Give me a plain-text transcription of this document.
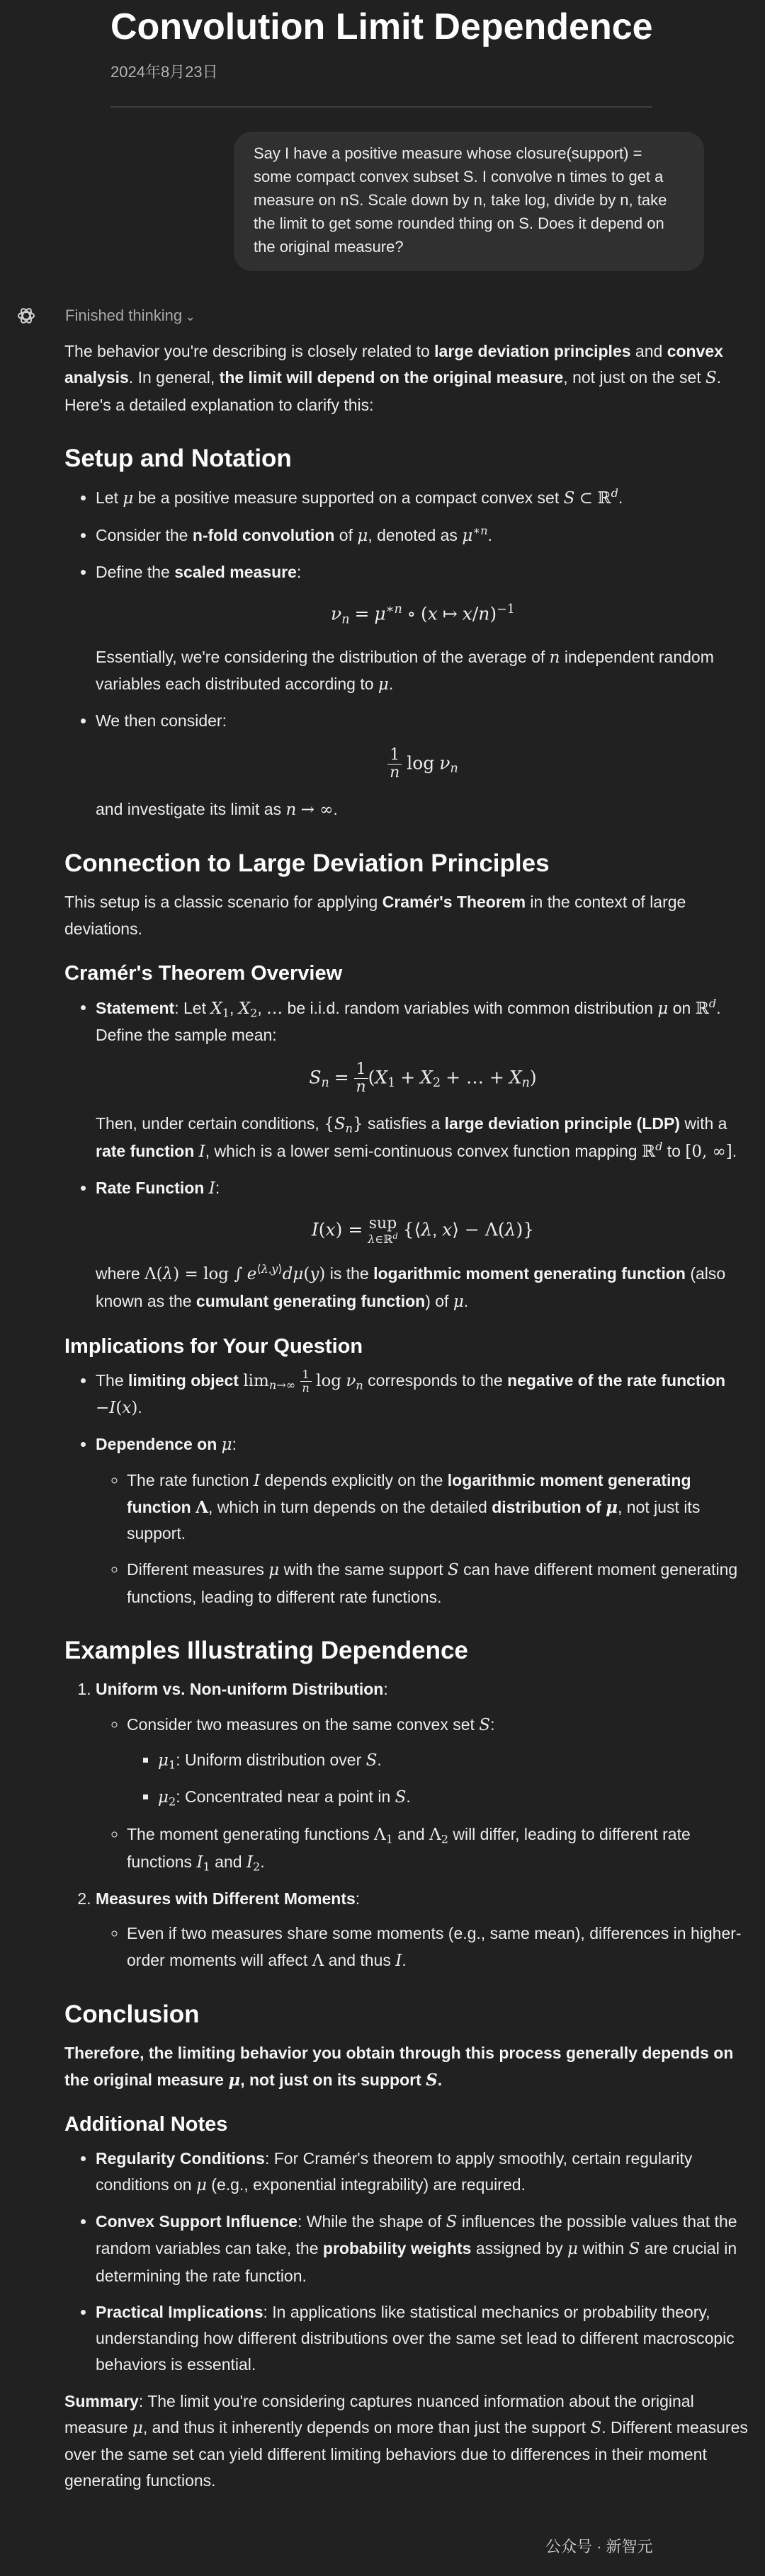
Convolution Limit Dependence
2024年8月23日
Say I have a positive measure whose closure(support) = some compact convex subset S. I convolve n times to get a measure on nS. Scale down by n, take log, divide by n, take the limit to get some rounded thing on S. Does it depend on the original measure?
Finished thinking ⌄

The behavior you're describing is closely related to large deviation principles and convex analysis. In general, the limit will depend on the original measure, not just on the set S. Here's a detailed explanation to clarify this:

Setup and Notation
• Let μ be a positive measure supported on a compact convex set S ⊂ ℝ$^d$.
• Consider the n-fold convolution of μ, denoted as $\mu^{∗n}$.
• Define the scaled measure:
$\nu_n = \mu^{∗n}$ ∘ (x ↦ x/n)$^{-1}$
Essentially, we're considering the distribution of the average of n independent random variables each distributed according to μ.
• We then consider:
$\frac{1}{n}$ $\log \nu_n$
and investigate its limit as n → ∞.
Connection to Large Deviation Principles

This setup is a classic scenario for applying Cramér's Theorem in the context of large deviations.

Cramér's Theorem Overview
• Statement: Let $X_1$, $X_2$, … be i.i.d. random variables with common distribution μ on ℝ$^d$. Define the sample mean:
$S_n = \frac{1}{n} (X_1 + X_2$ + … + $X_n$)
Then, under certain conditions, $\{S_n\}$ satisfies a large deviation principle (LDP) with a rate function I, which is a lower semi-continuous convex function mapping ℝ$^d$ to [0, ∞].
• Rate Function I:
I(x) = sup
λ∈ℝ$^d$ {⟨λ, x⟩ − Λ(λ)}
where Λ(λ) = log ∫ $e^{⟨\lambda,y⟩}d\mu(y)$ is the logarithmic moment generating function (also known as the cumulant generating function) of μ.
Implications for Your Question
• The limiting object $\lim_{n\to\infty} \frac{1}{n}$ $\log \nu_n$ corresponds to the negative of the rate function −I(x).
• Dependence on μ:
◦ The rate function I depends explicitly on the logarithmic moment generating function Λ, which in turn depends on the detailed distribution of μ, not just its support.
◦ Different measures μ with the same support S can have different moment generating functions, leading to different rate functions.
Examples Illustrating Dependence
1. Uniform vs. Non-uniform Distribution:
◦ Consider two measures on the same convex set S:
▪ $\mu_1$: Uniform distribution over S.
▪ $\mu_2$: Concentrated near a point in S.
◦ The moment generating functions $\Lambda_1$ and $\Lambda_2$ will differ, leading to different rate functions $I_1$ and $I_2$.
2. Measures with Different Moments:
◦ Even if two measures share some moments (e.g., same mean), differences in higher-order moments will affect Λ and thus I.
Conclusion

Therefore, the limiting behavior you obtain through this process generally depends on the original measure μ, not just on its support S.

Additional Notes
• Regularity Conditions: For Cramér's theorem to apply smoothly, certain regularity conditions on μ (e.g., exponential integrability) are required.
• Convex Support Influence: While the shape of S influences the possible values that the random variables can take, the probability weights assigned by μ within S are crucial in determining the rate function.
• Practical Implications: In applications like statistical mechanics or probability theory, understanding how different distributions over the same set lead to different macroscopic behaviors is essential.

Summary: The limit you're considering captures nuanced information about the original measure μ, and thus it inherently depends on more than just the support S. Different measures over the same set can yield different limiting behaviors due to differences in their moment generating functions.

公众号 · 新智元
